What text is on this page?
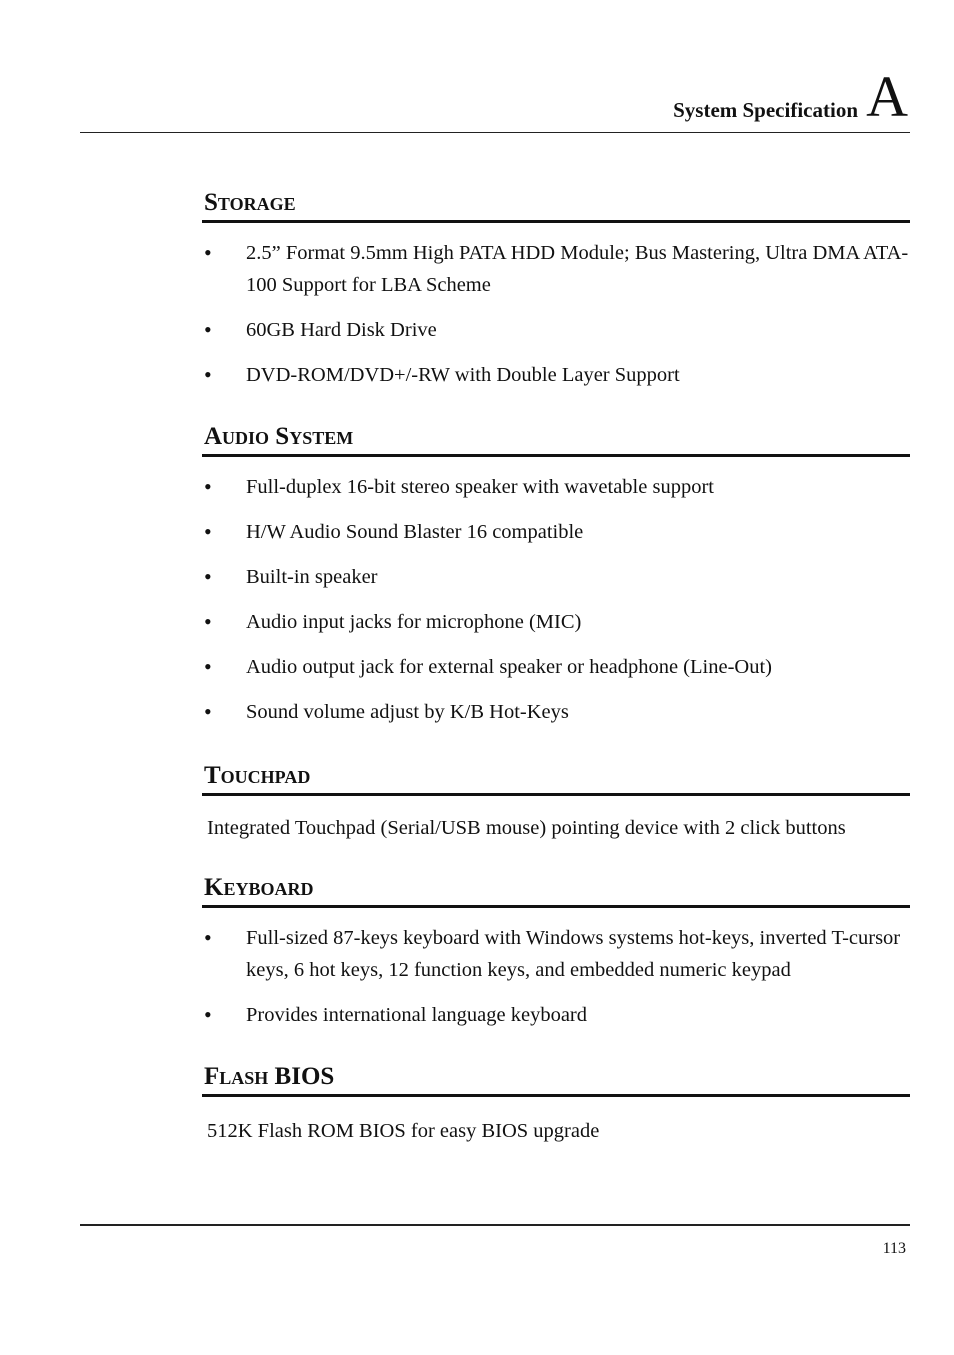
System Specification A
Storage
• 2.5” Format 9.5mm High PATA HDD Module; Bus Mastering, Ultra DMA ATA-100 Support for LBA Scheme
• 60GB Hard Disk Drive
• DVD-ROM/DVD+/-RW with Double Layer Support
Audio System
• Full-duplex 16-bit stereo speaker with wavetable support
• H/W Audio Sound Blaster 16 compatible
• Built-in speaker
• Audio input jacks for microphone (MIC)
• Audio output jack for external speaker or headphone (Line-Out)
• Sound volume adjust by K/B Hot-Keys
Touchpad

Integrated Touchpad (Serial/USB mouse) pointing device with 2 click buttons

Keyboard
• Full-sized 87-keys keyboard with Windows systems hot-keys, inverted T-cursor keys, 6 hot keys, 12 function keys, and embedded numeric keypad
• Provides international language keyboard
Flash BIOS

512K Flash ROM BIOS for easy BIOS upgrade

113
